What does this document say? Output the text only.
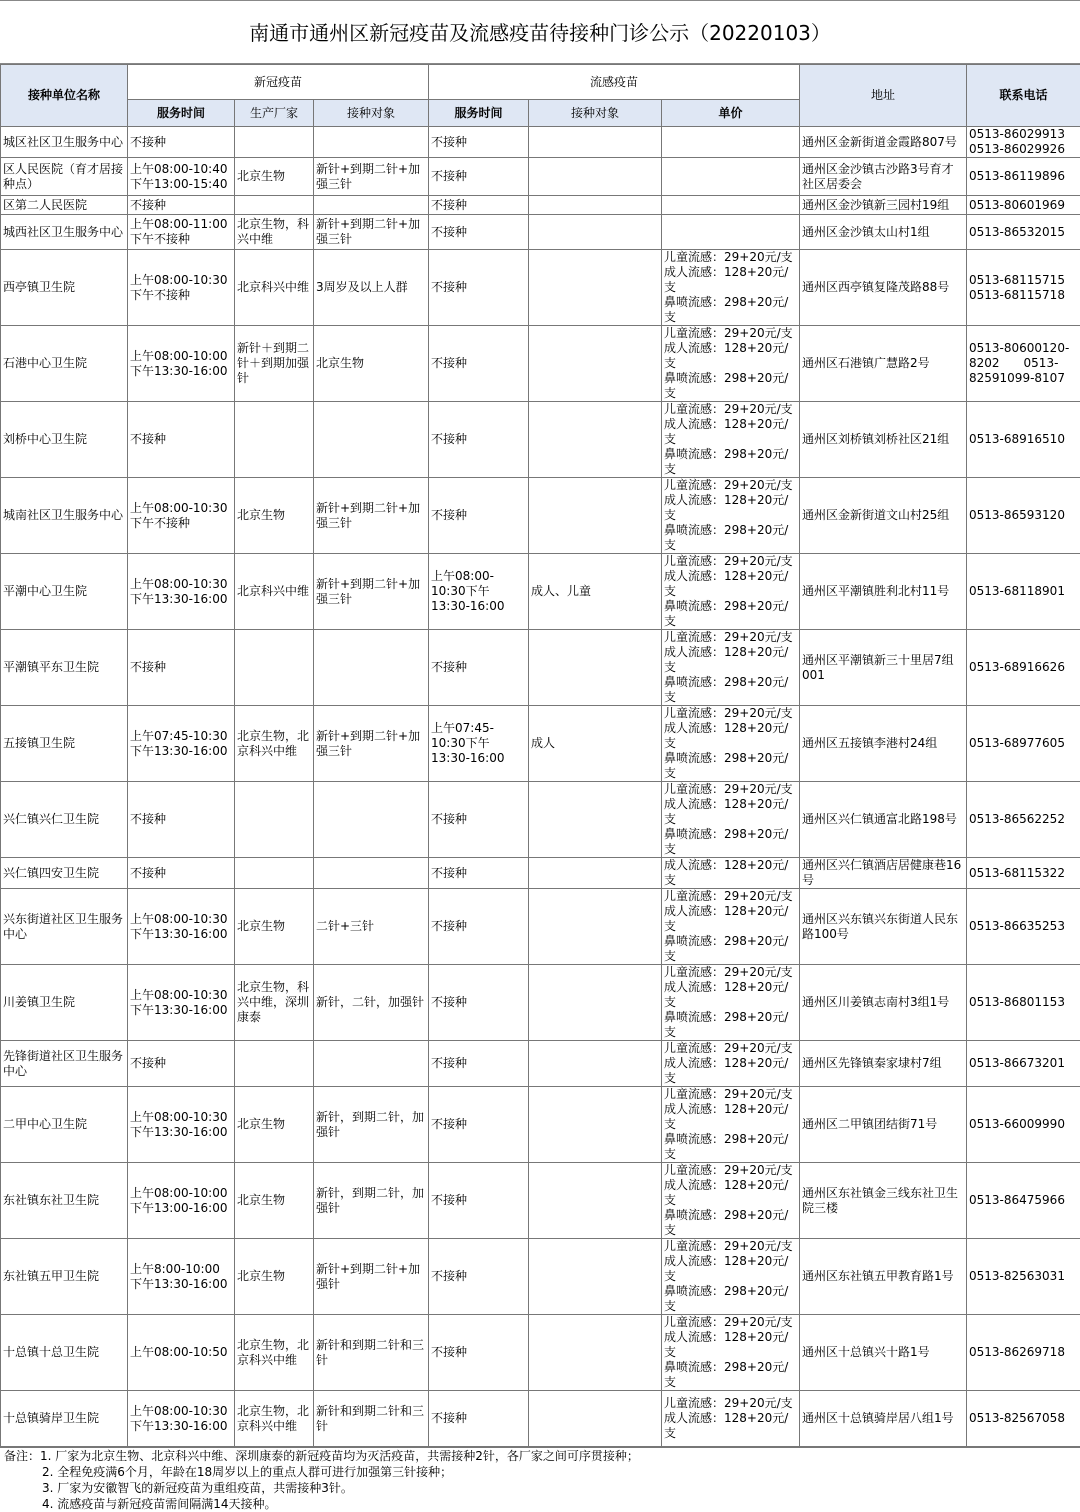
南通市通州区新冠疫苗及流感疫苗待接种门诊公示（20220103）
接种单位名称	新冠疫苗			流感疫苗			地址	联系电话
	服务时间	生产厂家	接种对象	服务时间	接种对象	单价		
城区社区卫生服务中心	不接种			不接种			通州区金新街道金霞路807号	0513-86029913
0513-86029926
区人民医院（育才居接种点）	上午08:00-10:40
下午13:00-15:40	北京生物	新针+到期二针+加强三针	不接种			通州区金沙镇古沙路3号育才社区居委会	0513-86119896
区第二人民医院	不接种			不接种			通州区金沙镇新三园村19组	0513-80601969
城西社区卫生服务中心	上午08:00-11:00
下午不接种	北京生物，科兴中维	新针+到期二针+加强三针	不接种			通州区金沙镇太山村1组	0513-86532015
西亭镇卫生院	上午08:00-10:30
下午不接种	北京科兴中维	3周岁及以上人群	不接种		儿童流感：29+20元/支
成人流感：128+20元/支
鼻喷流感：298+20元/支	通州区西亭镇复隆茂路88号	0513-68115715
0513-68115718
石港中心卫生院	上午08:00-10:00
下午13:30-16:00	新针＋到期二针＋到期加强针	北京生物	不接种		儿童流感：29+20元/支
成人流感：128+20元/支
鼻喷流感：298+20元/支	通州区石港镇广慧路2号	0513-80600120-8202　　0513-82591099-8107
刘桥中心卫生院	不接种			不接种		儿童流感：29+20元/支
成人流感：128+20元/支
鼻喷流感：298+20元/支	通州区刘桥镇刘桥社区21组	0513-68916510
城南社区卫生服务中心	上午08:00-10:30
下午不接种	北京生物	新针+到期二针+加强三针	不接种		儿童流感：29+20元/支
成人流感：128+20元/支
鼻喷流感：298+20元/支	通州区金新街道文山村25组	0513-86593120
平潮中心卫生院	上午08:00-10:30
下午13:30-16:00	北京科兴中维	新针+到期二针+加强三针	上午08:00-10:30下午13:30-16:00	成人、儿童	儿童流感：29+20元/支
成人流感：128+20元/支
鼻喷流感：298+20元/支	通州区平潮镇胜利北村11号	0513-68118901
平潮镇平东卫生院	不接种			不接种		儿童流感：29+20元/支
成人流感：128+20元/支
鼻喷流感：298+20元/支	通州区平潮镇新三十里居7组001	0513-68916626
五接镇卫生院	上午07:45-10:30
下午13:30-16:00	北京生物，北京科兴中维	新针+到期二针+加强三针	上午07:45-10:30下午13:30-16:00	成人	儿童流感：29+20元/支
成人流感：128+20元/支
鼻喷流感：298+20元/支	通州区五接镇李港村24组	0513-68977605
兴仁镇兴仁卫生院	不接种			不接种		儿童流感：29+20元/支
成人流感：128+20元/支
鼻喷流感：298+20元/支	通州区兴仁镇通富北路198号	0513-86562252
兴仁镇四安卫生院	不接种			不接种		成人流感：128+20元/支	通州区兴仁镇酒店居健康巷16号	0513-68115322
兴东街道社区卫生服务中心	上午08:00-10:30
下午13:30-16:00	北京生物	二针+三针	不接种		儿童流感：29+20元/支
成人流感：128+20元/支
鼻喷流感：298+20元/支	通州区兴东镇兴东街道人民东路100号	0513-86635253
川姜镇卫生院	上午08:00-10:30
下午13:30-16:00	北京生物，科兴中维，深圳康泰	新针，二针，加强针	不接种		儿童流感：29+20元/支
成人流感：128+20元/支
鼻喷流感：298+20元/支	通州区川姜镇志南村3组1号	0513-86801153
先锋街道社区卫生服务中心	不接种			不接种		儿童流感：29+20元/支
成人流感：128+20元/支	通州区先锋镇秦家埭村7组	0513-86673201
二甲中心卫生院	上午08:00-10:30
下午13:30-16:00	北京生物	新针，到期二针，加强针	不接种		儿童流感：29+20元/支
成人流感：128+20元/支
鼻喷流感：298+20元/支	通州区二甲镇团结街71号	0513-66009990
东社镇东社卫生院	上午08:00-10:00
下午13:00-16:00	北京生物	新针，到期二针，加强针	不接种		儿童流感：29+20元/支
成人流感：128+20元/支
鼻喷流感：298+20元/支	通州区东社镇金三线东社卫生院三楼	0513-86475966
东社镇五甲卫生院	上午8:00-10:00
下午13:30-16:00	北京生物	新针+到期二针+加强针	不接种		儿童流感：29+20元/支
成人流感：128+20元/支
鼻喷流感：298+20元/支	通州区东社镇五甲教育路1号	0513-82563031
十总镇十总卫生院	上午08:00-10:50	北京生物，北京科兴中维	新针和到期二针和三针	不接种		儿童流感：29+20元/支
成人流感：128+20元/支
鼻喷流感：298+20元/支	通州区十总镇兴十路1号	0513-86269718
十总镇骑岸卫生院	上午08:00-10:30
下午13:30-16:00	北京生物，北京科兴中维	新针和到期二针和三针	不接种		儿童流感：29+20元/支
成人流感：128+20元/支	通州区十总镇骑岸居八组1号	0513-82567058
备注：1. 厂家为北京生物、北京科兴中维、深圳康泰的新冠疫苗均为灭活疫苗，共需接种2针，各厂家之间可序贯接种；
2. 全程免疫满6个月，年龄在18周岁以上的重点人群可进行加强第三针接种；
3. 厂家为安徽智飞的新冠疫苗为重组疫苗，共需接种3针。
4. 流感疫苗与新冠疫苗需间隔满14天接种。
